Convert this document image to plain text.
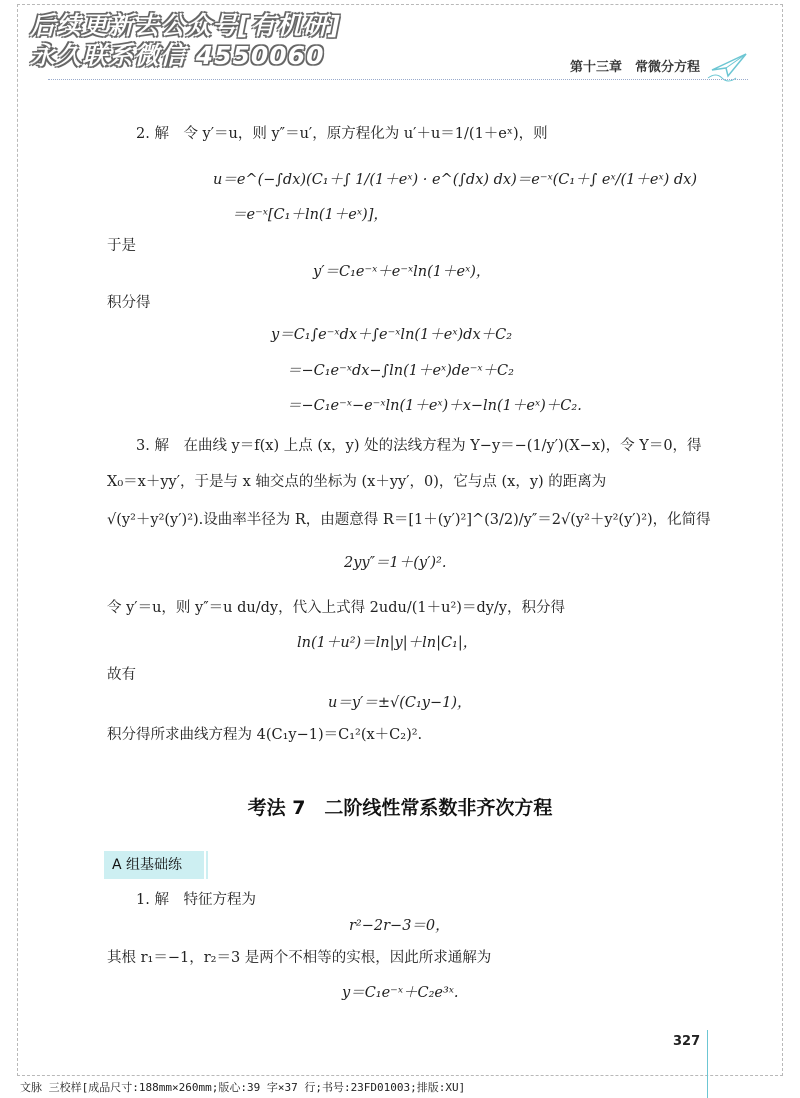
后续更新去公众号[有机研]
永久联系微信 4550060	第十三章　常微分方程
2. 解　令 y′＝u，则 y″＝u′，原方程化为 u′＋u＝1/(1＋eˣ)，则
u＝e^(−∫dx)(C₁＋∫ 1/(1＋eˣ) · e^(∫dx) dx)＝e⁻ˣ(C₁＋∫ eˣ/(1＋eˣ) dx)
＝e⁻ˣ[C₁＋ln(1＋eˣ)]，
于是
y′＝C₁e⁻ˣ＋e⁻ˣln(1＋eˣ)，
积分得
y＝C₁∫e⁻ˣdx＋∫e⁻ˣln(1＋eˣ)dx＋C₂
＝−C₁e⁻ˣdx−∫ln(1＋eˣ)de⁻ˣ＋C₂
＝−C₁e⁻ˣ−e⁻ˣln(1＋eˣ)＋x−ln(1＋eˣ)＋C₂.
3. 解　在曲线 y＝f(x) 上点 (x，y) 处的法线方程为 Y−y＝−(1/y′)(X−x)，令 Y＝0，得
X₀＝x＋yy′，于是与 x 轴交点的坐标为 (x＋yy′，0)，它与点 (x，y) 的距离为
√(y²＋y²(y′)²).设曲率半径为 R，由题意得 R＝[1＋(y′)²]^(3/2)/y″＝2√(y²＋y²(y′)²)，化简得
2yy″＝1＋(y′)².
令 y′＝u，则 y″＝u du/dy，代入上式得 2udu/(1＋u²)＝dy/y，积分得
ln(1＋u²)＝ln|y|＋ln|C₁|，
故有
u＝y′＝±√(C₁y−1)，
积分得所求曲线方程为 4(C₁y−1)＝C₁²(x＋C₂)².
考法 7　二阶线性常系数非齐次方程
A 组基础练
1. 解　特征方程为
r²−2r−3＝0，
其根 r₁＝−1，r₂＝3 是两个不相等的实根，因此所求通解为
y＝C₁e⁻ˣ＋C₂e³ˣ.
327
文脉 三校样[成品尺寸:188mm×260mm;版心:39 字×37 行;书号:23FD01003;排版:XU]
